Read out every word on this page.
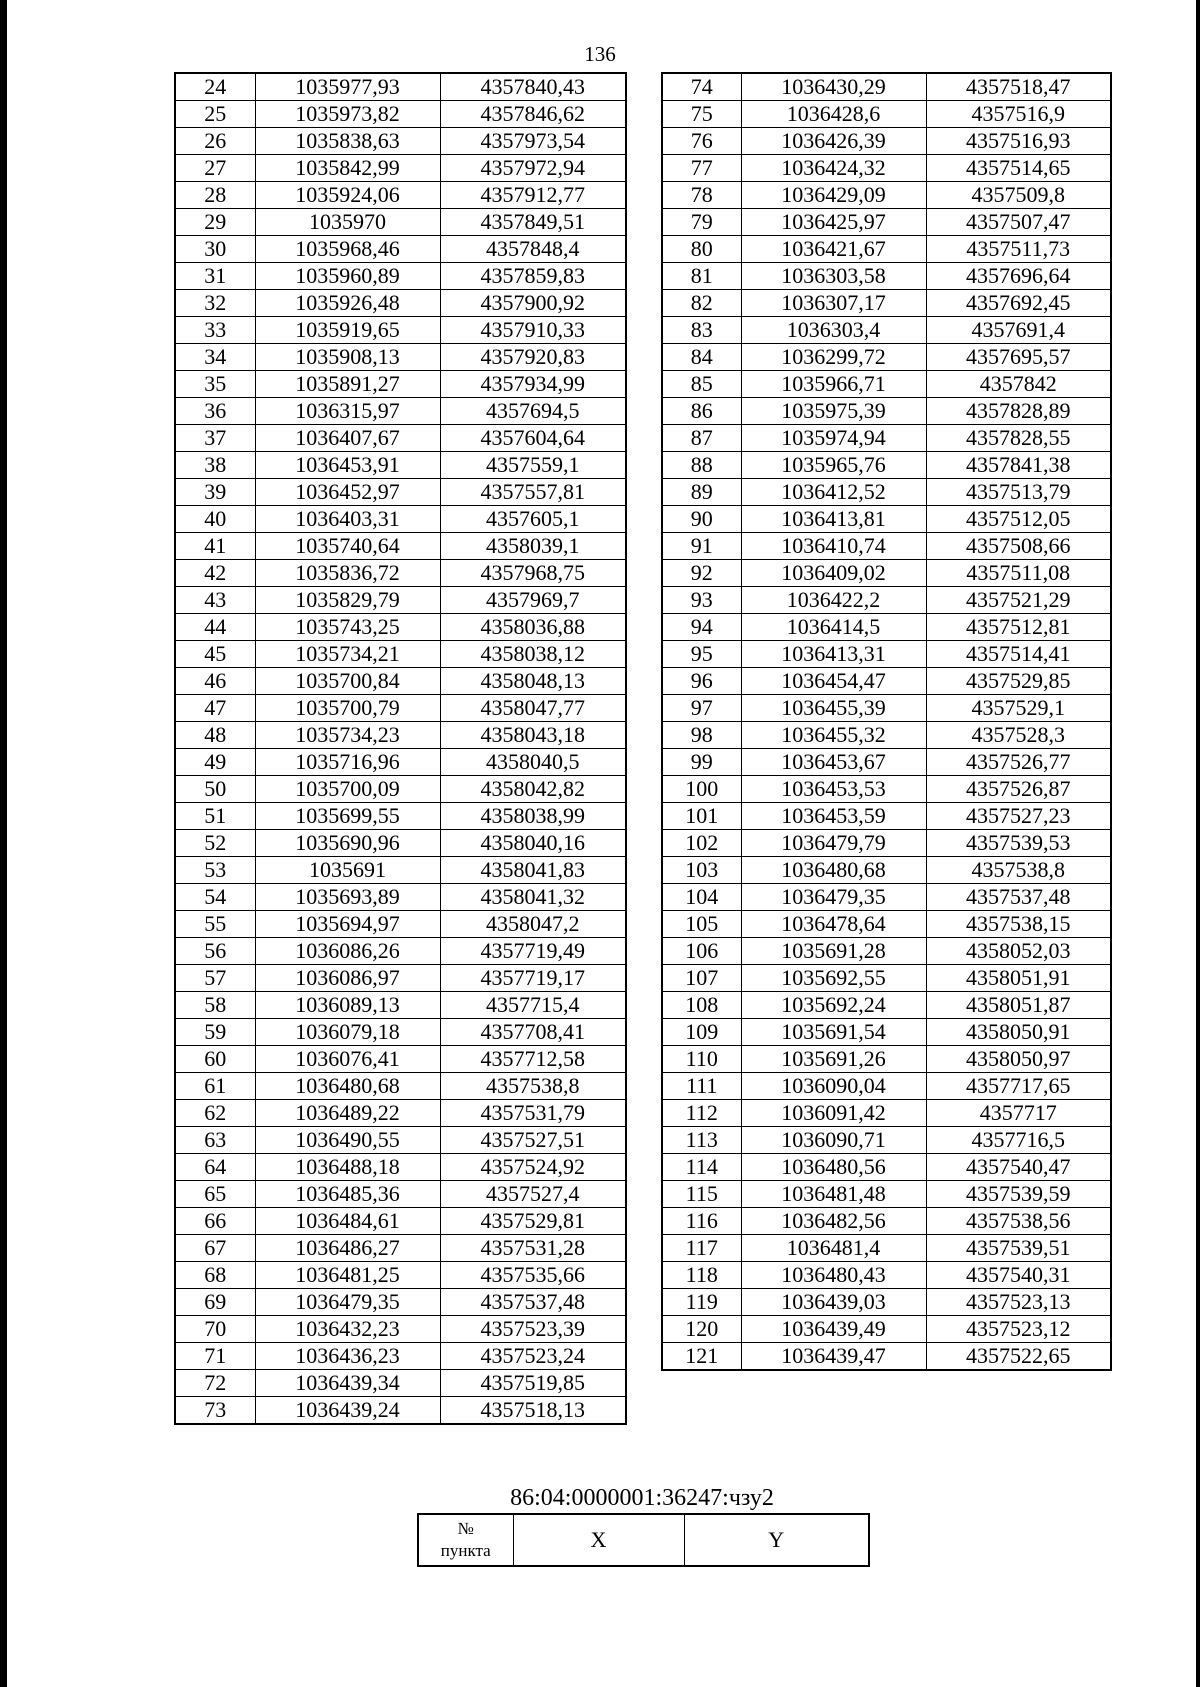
136
24	1035977,93	4357840,43
25	1035973,82	4357846,62
26	1035838,63	4357973,54
27	1035842,99	4357972,94
28	1035924,06	4357912,77
29	1035970	4357849,51
30	1035968,46	4357848,4
31	1035960,89	4357859,83
32	1035926,48	4357900,92
33	1035919,65	4357910,33
34	1035908,13	4357920,83
35	1035891,27	4357934,99
36	1036315,97	4357694,5
37	1036407,67	4357604,64
38	1036453,91	4357559,1
39	1036452,97	4357557,81
40	1036403,31	4357605,1
41	1035740,64	4358039,1
42	1035836,72	4357968,75
43	1035829,79	4357969,7
44	1035743,25	4358036,88
45	1035734,21	4358038,12
46	1035700,84	4358048,13
47	1035700,79	4358047,77
48	1035734,23	4358043,18
49	1035716,96	4358040,5
50	1035700,09	4358042,82
51	1035699,55	4358038,99
52	1035690,96	4358040,16
53	1035691	4358041,83
54	1035693,89	4358041,32
55	1035694,97	4358047,2
56	1036086,26	4357719,49
57	1036086,97	4357719,17
58	1036089,13	4357715,4
59	1036079,18	4357708,41
60	1036076,41	4357712,58
61	1036480,68	4357538,8
62	1036489,22	4357531,79
63	1036490,55	4357527,51
64	1036488,18	4357524,92
65	1036485,36	4357527,4
66	1036484,61	4357529,81
67	1036486,27	4357531,28
68	1036481,25	4357535,66
69	1036479,35	4357537,48
70	1036432,23	4357523,39
71	1036436,23	4357523,24
72	1036439,34	4357519,85
73	1036439,24	4357518,13
74	1036430,29	4357518,47
75	1036428,6	4357516,9
76	1036426,39	4357516,93
77	1036424,32	4357514,65
78	1036429,09	4357509,8
79	1036425,97	4357507,47
80	1036421,67	4357511,73
81	1036303,58	4357696,64
82	1036307,17	4357692,45
83	1036303,4	4357691,4
84	1036299,72	4357695,57
85	1035966,71	4357842
86	1035975,39	4357828,89
87	1035974,94	4357828,55
88	1035965,76	4357841,38
89	1036412,52	4357513,79
90	1036413,81	4357512,05
91	1036410,74	4357508,66
92	1036409,02	4357511,08
93	1036422,2	4357521,29
94	1036414,5	4357512,81
95	1036413,31	4357514,41
96	1036454,47	4357529,85
97	1036455,39	4357529,1
98	1036455,32	4357528,3
99	1036453,67	4357526,77
100	1036453,53	4357526,87
101	1036453,59	4357527,23
102	1036479,79	4357539,53
103	1036480,68	4357538,8
104	1036479,35	4357537,48
105	1036478,64	4357538,15
106	1035691,28	4358052,03
107	1035692,55	4358051,91
108	1035692,24	4358051,87
109	1035691,54	4358050,91
110	1035691,26	4358050,97
111	1036090,04	4357717,65
112	1036091,42	4357717
113	1036090,71	4357716,5
114	1036480,56	4357540,47
115	1036481,48	4357539,59
116	1036482,56	4357538,56
117	1036481,4	4357539,51
118	1036480,43	4357540,31
119	1036439,03	4357523,13
120	1036439,49	4357523,12
121	1036439,47	4357522,65
86:04:0000001:36247:чзу2
№
пункта	X	Y
